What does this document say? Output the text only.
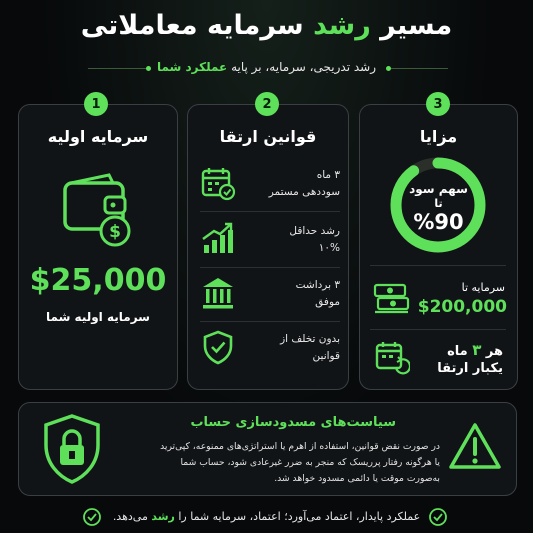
مسیر رشد سرمایه معاملاتی
رشد تدریجی، سرمایه، بر پایه عملکرد شما
سرمایه اولیه
$
$25,000
سرمایه اولیه شما
1
قوانین ارتقا
۳ ماه
سوددهی مستمر
رشد حداقل
۱۰%
۳ برداشت
موفق
بدون تخلف از
قوانین
2
مزایا
سهم سود
تا
%90
سرمایه تا
$200,000
هر ۳ ماه
یکبار ارتقا
3
سیاست‌های مسدودسازی حساب
در صورت نقض قوانین، استفاده از اهرم یا استراتژی‌های ممنوعه، کپی‌ترید
یا هرگونه رفتار پرریسک که منجر به ضرر غیرعادی شود، حساب شما
به‌صورت موقت یا دائمی مسدود خواهد شد.
عملکرد پایدار، اعتماد می‌آورد؛ اعتماد، سرمایه شما را رشد می‌دهد.
